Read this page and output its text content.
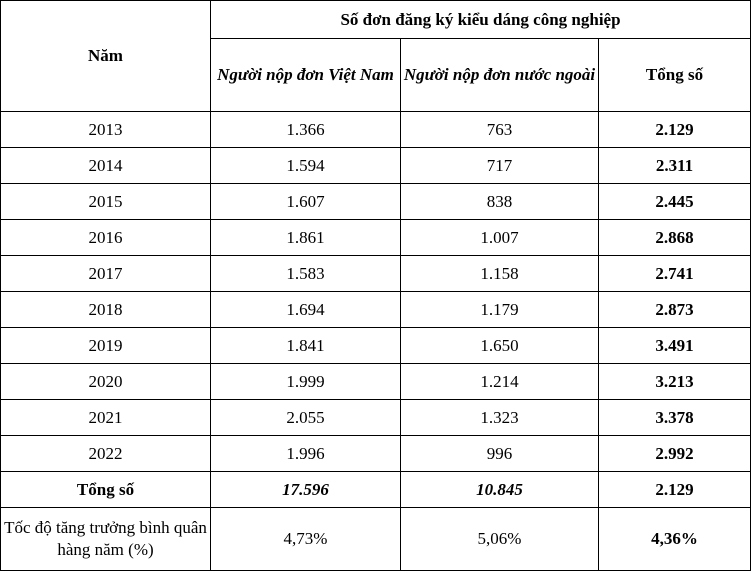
Năm	Số đơn đăng ký kiểu dáng công nghiệp		

	Người nộp đơn Việt Nam	Người nộp đơn nước ngoài	Tổng số
2013	1.366	763	2.129
2014	1.594	717	2.311
2015	1.607	838	2.445
2016	1.861	1.007	2.868
2017	1.583	1.158	2.741
2018	1.694	1.179	2.873
2019	1.841	1.650	3.491
2020	1.999	1.214	3.213
2021	2.055	1.323	3.378
2022	1.996	996	2.992
Tổng số	17.596	10.845	2.129

Tốc độ tăng trưởng bình quân hàng năm (%)	4,73%	5,06%	4,36%
